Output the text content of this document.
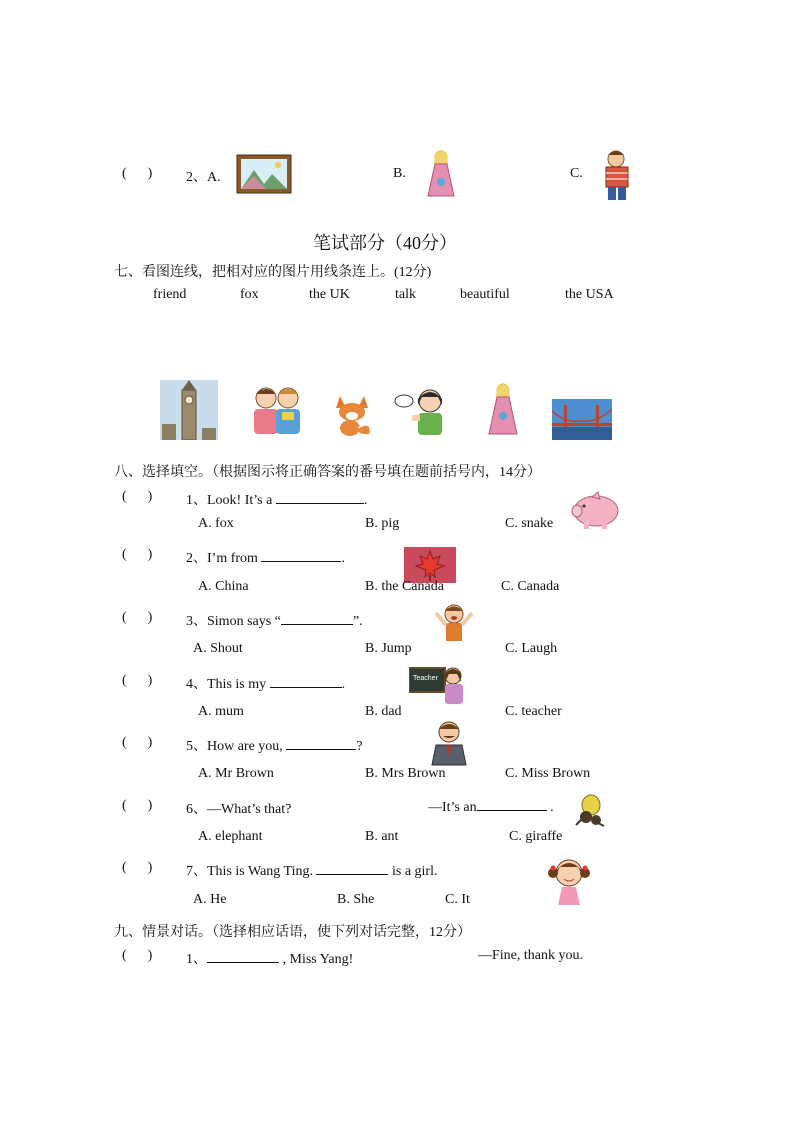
(      ) 2、A.	B.	C.
笔试部分（40分）
七、看图连线，把相对应的图片用线条连上。(12分)
friend	fox	the UK	talk	beautiful	the USA
八、选择填空。（根据图示将正确答案的番号填在题前括号内，14分）
(      ) 1、Look! It’s a	.
A. fox	B. pig	C. snake
(      ) 2、I’m from	.
A. China	B. the Canada	C. Canada
(      ) 3、Simon says “	”.
A. Shout	B. Jump	C. Laugh
(      ) 4、This is my	.	Teacher
A. mum	B. dad	C. teacher
(      ) 5、How are you,	?
A. Mr Brown	B. Mrs Brown	C. Miss Brown
(      ) 6、—What’s that?	—It’s an	.
A. elephant	B. ant	C. giraffe
(      ) 7、This is Wang Ting.	is a girl.
A. He	B. She	C. It
九、情景对话。（选择相应话语，使下列对话完整，12分）
(      ) 1、	, Miss Yang!	—Fine, thank you.
